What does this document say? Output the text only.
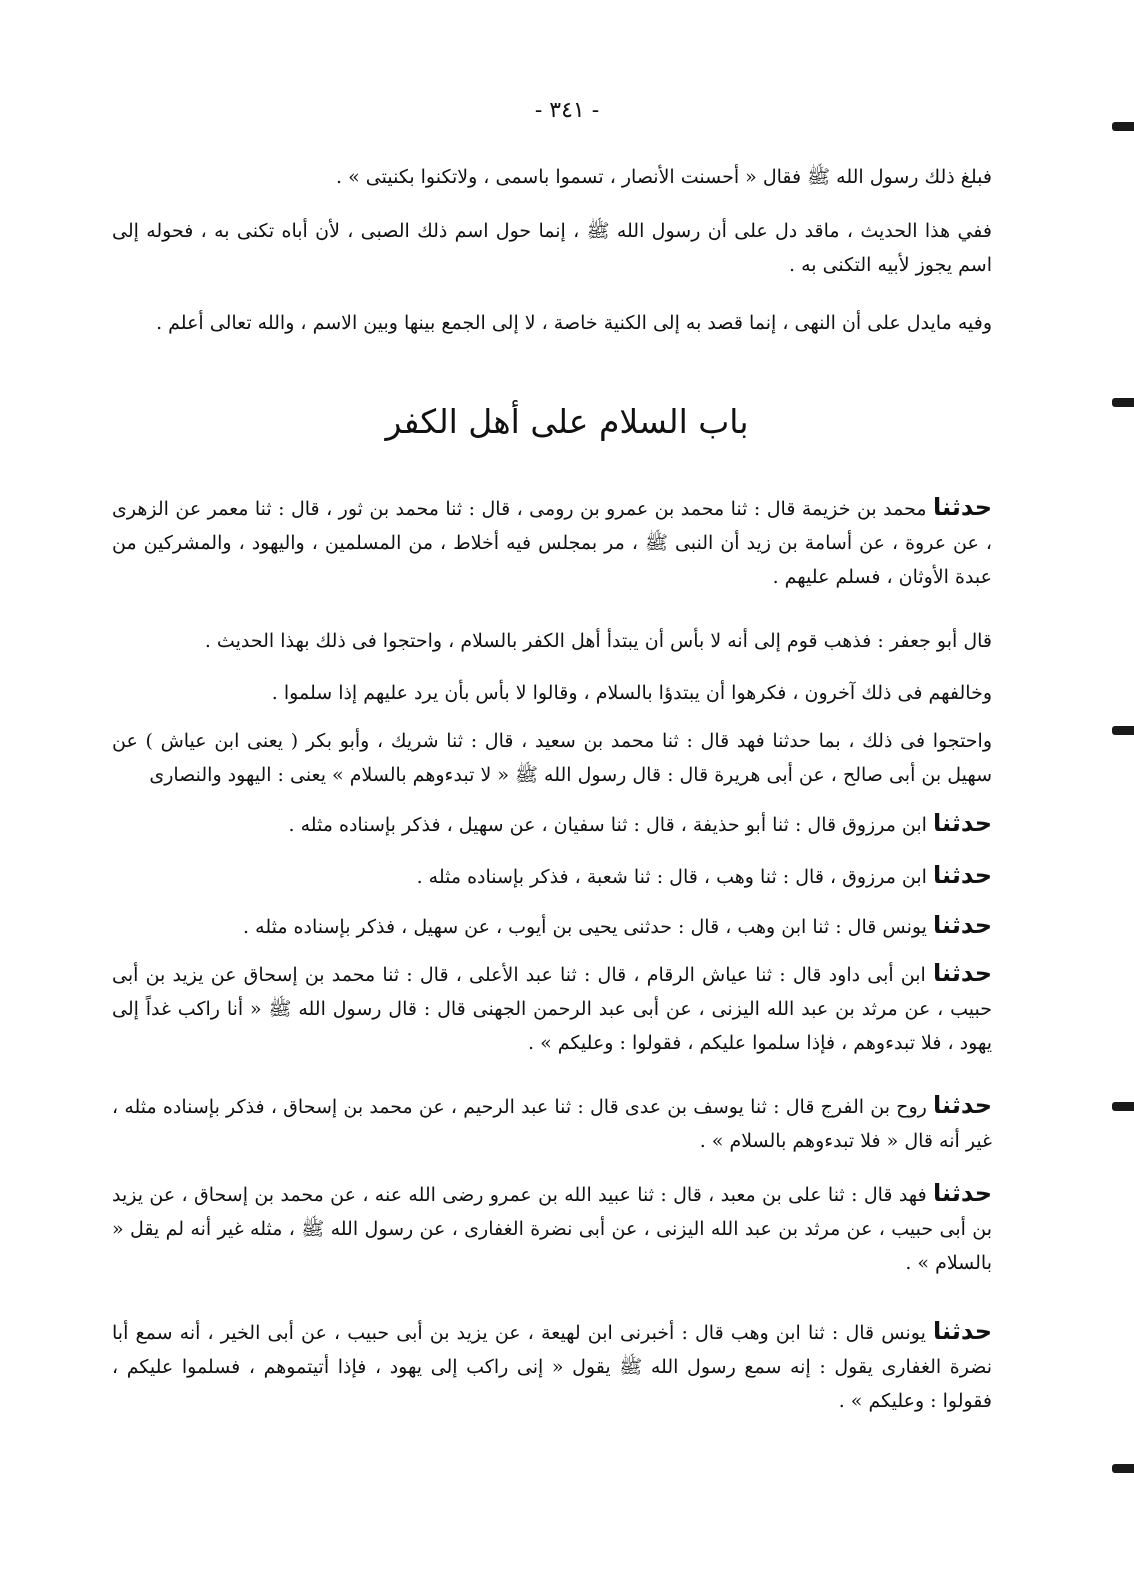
- ٣٤١ -
فبلغ ذلك رسول الله ﷺ فقال « أحسنت الأنصار ، تسموا باسمى ، ولاتكنوا بكنيتى » .
ففي هذا الحديث ، ماقد دل على أن رسول الله ﷺ ، إنما حول اسم ذلك الصبى ، لأن أباه تكنى به ، فحوله إلى اسم يجوز لأبيه التكنى به .
وفيه مايدل على أن النهى ، إنما قصد به إلى الكنية خاصة ، لا إلى الجمع بينها وبين الاسم ، والله تعالى أعلم .
باب السلام على أهل الكفر
حدثنا محمد بن خزيمة قال : ثنا محمد بن عمرو بن رومى ، قال : ثنا محمد بن ثور ، قال : ثنا معمر عن الزهرى ، عن عروة ، عن أسامة بن زيد أن النبى ﷺ ، مر بمجلس فيه أخلاط ، من المسلمين ، واليهود ، والمشركين من عبدة الأوثان ، فسلم عليهم .
قال أبو جعفر : فذهب قوم إلى أنه لا بأس أن يبتدأ أهل الكفر بالسلام ، واحتجوا فى ذلك بهذا الحديث .
وخالفهم فى ذلك آخرون ، فكرهوا أن يبتدؤا بالسلام ، وقالوا لا بأس بأن يرد عليهم إذا سلموا .
واحتجوا فى ذلك ، بما حدثنا فهد قال : ثنا محمد بن سعيد ، قال : ثنا شريك ، وأبو بكر ( يعنى ابن عياش ) عن سهيل بن أبى صالح ، عن أبى هريرة قال : قال رسول الله ﷺ « لا تبدءوهم بالسلام » يعنى : اليهود والنصارى
حدثنا ابن مرزوق قال : ثنا أبو حذيفة ، قال : ثنا سفيان ، عن سهيل ، فذكر بإسناده مثله .
حدثنا ابن مرزوق ، قال : ثنا وهب ، قال : ثنا شعبة ، فذكر بإسناده مثله .
حدثنا يونس قال : ثنا ابن وهب ، قال : حدثنى يحيى بن أيوب ، عن سهيل ، فذكر بإسناده مثله .
حدثنا ابن أبى داود قال : ثنا عياش الرقام ، قال : ثنا عبد الأعلى ، قال : ثنا محمد بن إسحاق عن يزيد بن أبى حبيب ، عن مرثد بن عبد الله اليزنى ، عن أبى عبد الرحمن الجهنى قال : قال رسول الله ﷺ « أنا راكب غداً إلى يهود ، فلا تبدءوهم ، فإذا سلموا عليكم ، فقولوا : وعليكم » .
حدثنا روح بن الفرج قال : ثنا يوسف بن عدى قال : ثنا عبد الرحيم ، عن محمد بن إسحاق ، فذكر بإسناده مثله ، غير أنه قال « فلا تبدءوهم بالسلام » .
حدثنا فهد قال : ثنا على بن معبد ، قال : ثنا عبيد الله بن عمرو رضى الله عنه ، عن محمد بن إسحاق ، عن يزيد بن أبى حبيب ، عن مرثد بن عبد الله اليزنى ، عن أبى نضرة الغفارى ، عن رسول الله ﷺ ، مثله غير أنه لم يقل « بالسلام » .
حدثنا يونس قال : ثنا ابن وهب قال : أخبرنى ابن لهيعة ، عن يزيد بن أبى حبيب ، عن أبى الخير ، أنه سمع أبا نضرة الغفارى يقول : إنه سمع رسول الله ﷺ يقول « إنى راكب إلى يهود ، فإذا أتيتموهم ، فسلموا عليكم ، فقولوا : وعليكم » .
